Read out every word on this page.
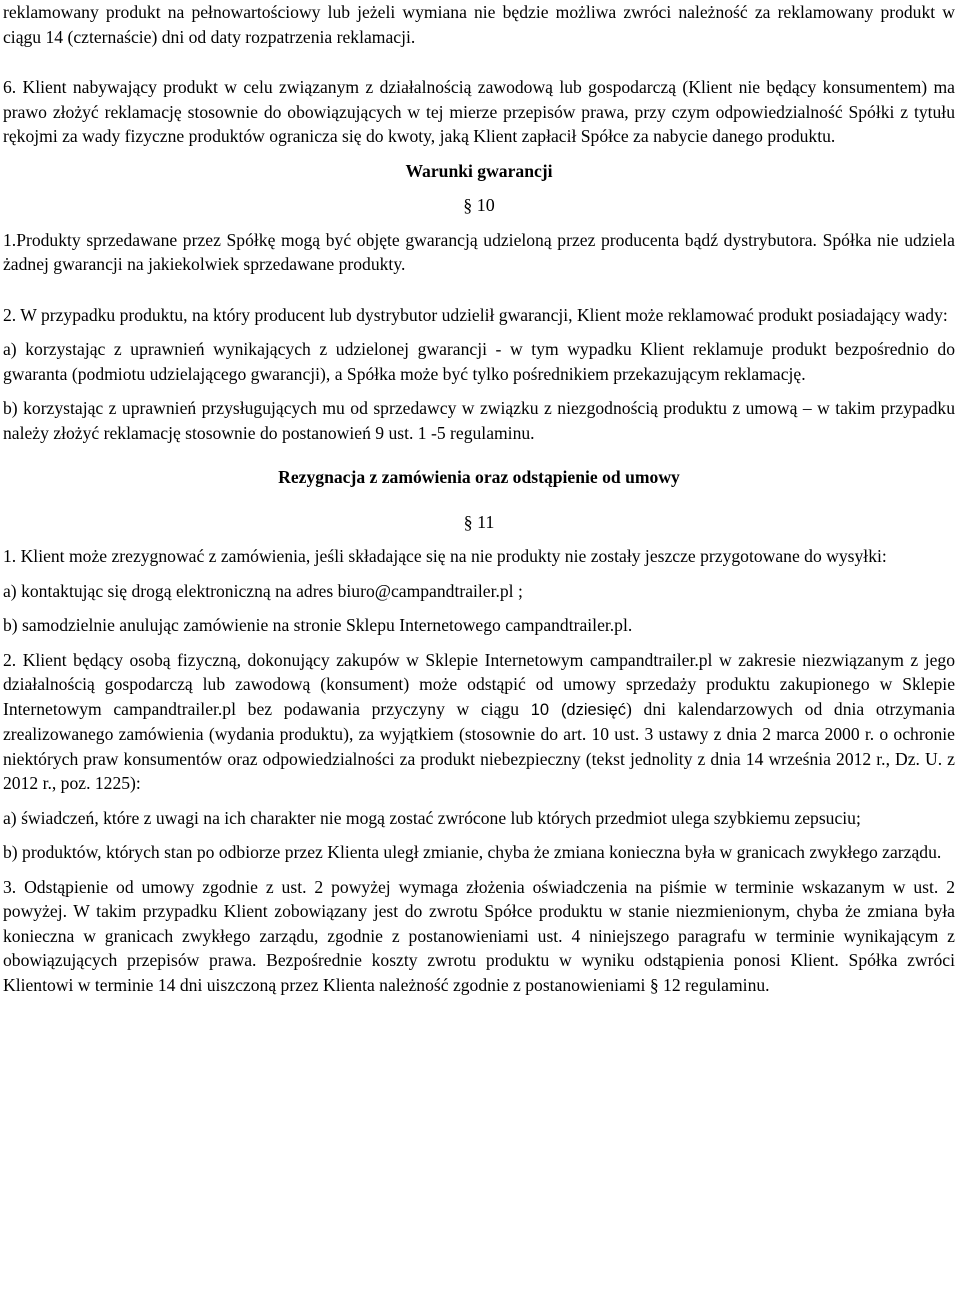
reklamowany produkt na pełnowartościowy lub jeżeli wymiana nie będzie możliwa zwróci należność za reklamowany produkt w ciągu 14 (czternaście) dni od daty rozpatrzenia reklamacji.

6. Klient nabywający produkt w celu związanym z działalnością zawodową lub gospodarczą (Klient nie będący konsumentem) ma prawo złożyć reklamację stosownie do obowiązujących w tej mierze przepisów prawa, przy czym odpowiedzialność Spółki z tytułu rękojmi za wady fizyczne produktów ogranicza się do kwoty, jaką Klient zapłacił Spółce za nabycie danego produktu.

Warunki gwarancji

§ 10

1.Produkty sprzedawane przez Spółkę mogą być objęte gwarancją udzieloną przez producenta bądź dystrybutora. Spółka nie udziela żadnej gwarancji na jakiekolwiek sprzedawane produkty.

2. W przypadku produktu, na który producent lub dystrybutor udzielił gwarancji, Klient może reklamować produkt posiadający wady:

a) korzystając z uprawnień wynikających z udzielonej gwarancji - w tym wypadku Klient reklamuje produkt bezpośrednio do gwaranta (podmiotu udzielającego gwarancji), a Spółka może być tylko pośrednikiem przekazującym reklamację.

b) korzystając z uprawnień przysługujących mu od sprzedawcy w związku z niezgodnością produktu z umową – w takim przypadku należy złożyć reklamację stosownie do postanowień 9 ust. 1 -5 regulaminu.

Rezygnacja z zamówienia oraz odstąpienie od umowy

§ 11

1. Klient może zrezygnować z zamówienia, jeśli składające się na nie produkty nie zostały jeszcze przygotowane do wysyłki:

a) kontaktując się drogą elektroniczną na adres biuro@campandtrailer.pl ;

b) samodzielnie anulując zamówienie na stronie Sklepu Internetowego campandtrailer.pl.

2. Klient będący osobą fizyczną, dokonujący zakupów w Sklepie Internetowym campandtrailer.pl w zakresie niezwiązanym z jego działalnością gospodarczą lub zawodową (konsument) może odstąpić od umowy sprzedaży produktu zakupionego w Sklepie Internetowym campandtrailer.pl bez podawania przyczyny w ciągu 10 (dziesięć) dni kalendarzowych od dnia otrzymania zrealizowanego zamówienia (wydania produktu), za wyjątkiem (stosownie do art. 10 ust. 3 ustawy z dnia 2 marca 2000 r. o ochronie niektórych praw konsumentów oraz odpowiedzialności za produkt niebezpieczny (tekst jednolity z dnia 14 września 2012 r., Dz. U. z 2012 r., poz. 1225):

a) świadczeń, które z uwagi na ich charakter nie mogą zostać zwrócone lub których przedmiot ulega szybkiemu zepsuciu;

b) produktów, których stan po odbiorze przez Klienta uległ zmianie, chyba że zmiana konieczna była w granicach zwykłego zarządu.

3. Odstąpienie od umowy zgodnie z ust. 2 powyżej wymaga złożenia oświadczenia na piśmie w terminie wskazanym w ust. 2 powyżej. W takim przypadku Klient zobowiązany jest do zwrotu Spółce produktu w stanie niezmienionym, chyba że zmiana była konieczna w granicach zwykłego zarządu, zgodnie z postanowieniami ust. 4 niniejszego paragrafu w terminie wynikającym z obowiązujących przepisów prawa. Bezpośrednie koszty zwrotu produktu w wyniku odstąpienia ponosi Klient. Spółka zwróci Klientowi w terminie 14 dni uiszczoną przez Klienta należność zgodnie z postanowieniami § 12 regulaminu.
